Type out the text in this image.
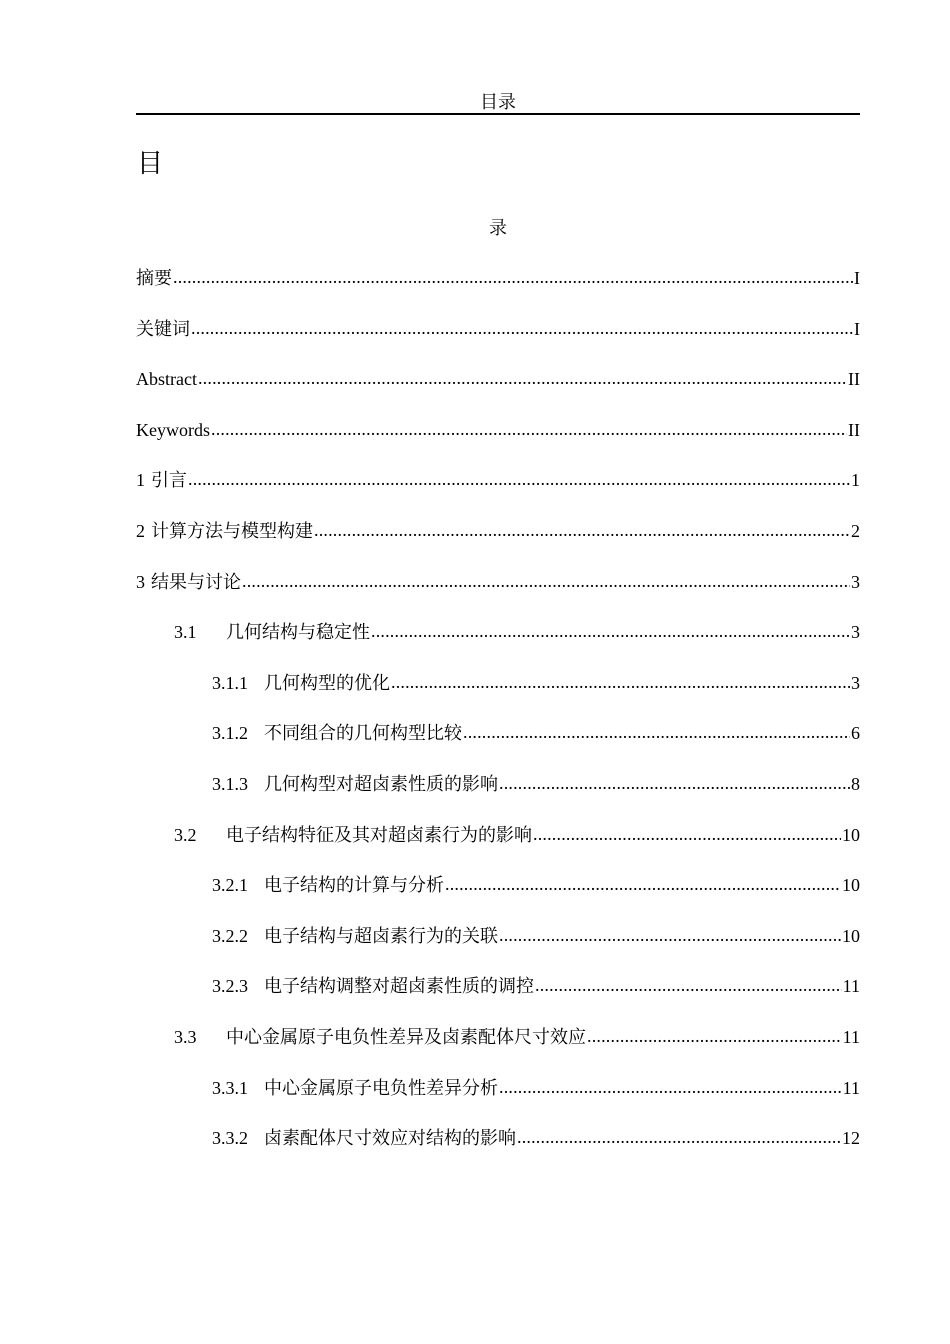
目录
目
录
摘要 .....	I
关键词 .....	I
Abstract .....	II
Keywords .....	II
1 引言 .....	1
2 计算方法与模型构建 .....	2
3 结果与讨论 .....	3
3.1	几何结构与稳定性 .....	3
3.1.1 几何构型的优化 .....	3
3.1.2 不同组合的几何构型比较 .....	6
3.1.3 几何构型对超卤素性质的影响 .....	8
3.2	电子结构特征及其对超卤素行为的影响 .....	10
3.2.1 电子结构的计算与分析 .....	10
3.2.2 电子结构与超卤素行为的关联 .....	10
3.2.3 电子结构调整对超卤素性质的调控 .....	11
3.3	中心金属原子电负性差异及卤素配体尺寸效应 .....	11
3.3.1 中心金属原子电负性差异分析 .....	11
3.3.2 卤素配体尺寸效应对结构的影响 .....	12
